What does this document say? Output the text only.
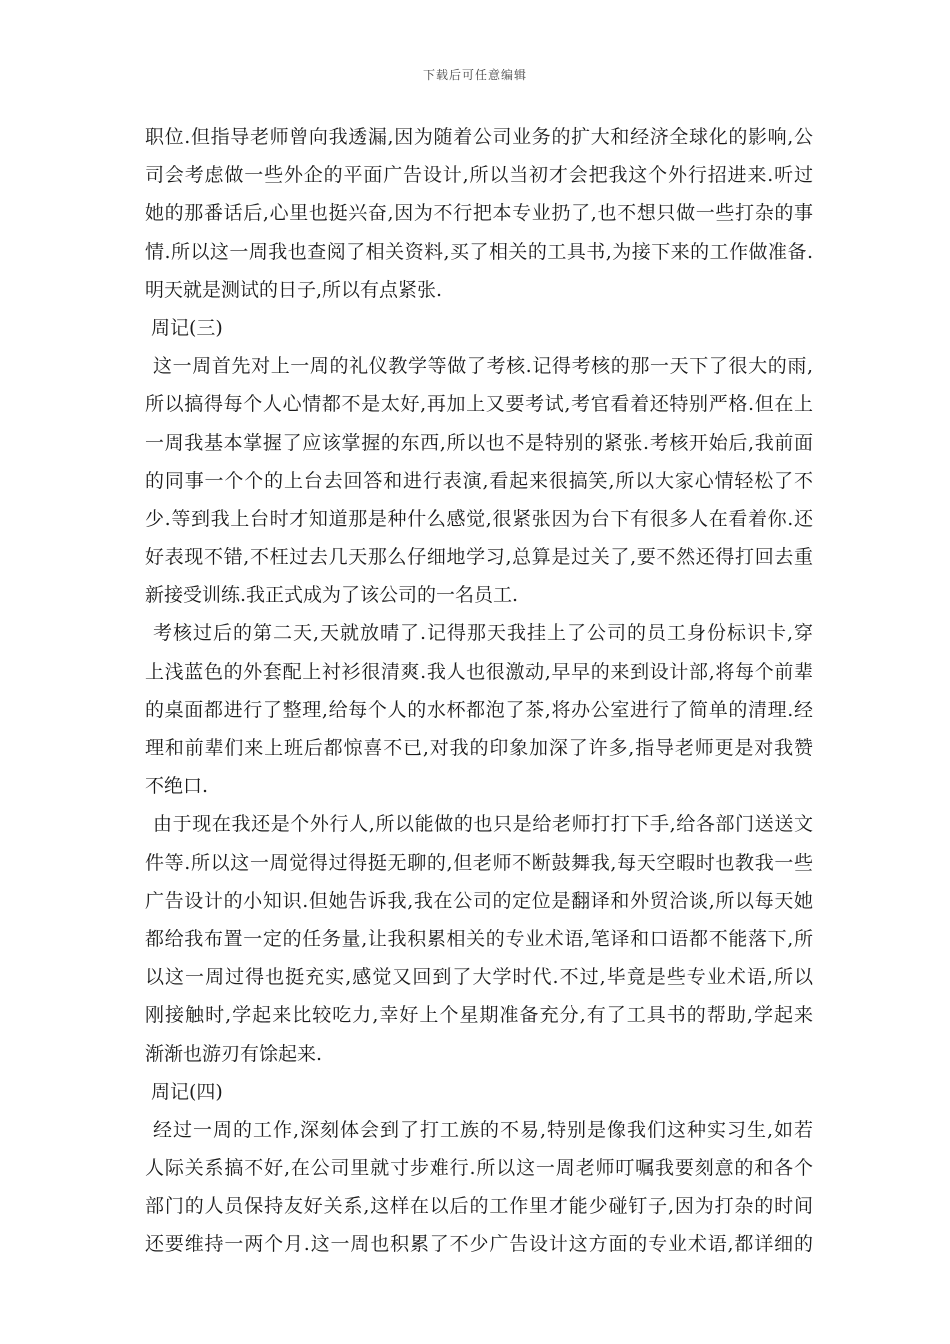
下载后可任意编辑
职位.但指导老师曾向我透漏,因为随着公司业务的扩大和经济全球化的影响,公
司会考虑做一些外企的平面广告设计,所以当初才会把我这个外行招进来.听过
她的那番话后,心里也挺兴奋,因为不行把本专业扔了,也不想只做一些打杂的事
情.所以这一周我也查阅了相关资料,买了相关的工具书,为接下来的工作做准备.
明天就是测试的日子,所以有点紧张.
周记(三)
这一周首先对上一周的礼仪教学等做了考核.记得考核的那一天下了很大的雨,
所以搞得每个人心情都不是太好,再加上又要考试,考官看着还特别严格.但在上
一周我基本掌握了应该掌握的东西,所以也不是特别的紧张.考核开始后,我前面
的同事一个个的上台去回答和进行表演,看起来很搞笑,所以大家心情轻松了不
少.等到我上台时才知道那是种什么感觉,很紧张因为台下有很多人在看着你.还
好表现不错,不枉过去几天那么仔细地学习,总算是过关了,要不然还得打回去重
新接受训练.我正式成为了该公司的一名员工.
考核过后的第二天,天就放晴了.记得那天我挂上了公司的员工身份标识卡,穿
上浅蓝色的外套配上衬衫很清爽.我人也很激动,早早的来到设计部,将每个前辈
的桌面都进行了整理,给每个人的水杯都泡了茶,将办公室进行了简单的清理.经
理和前辈们来上班后都惊喜不已,对我的印象加深了许多,指导老师更是对我赞
不绝口.
由于现在我还是个外行人,所以能做的也只是给老师打打下手,给各部门送送文
件等.所以这一周觉得过得挺无聊的,但老师不断鼓舞我,每天空暇时也教我一些
广告设计的小知识.但她告诉我,我在公司的定位是翻译和外贸洽谈,所以每天她
都给我布置一定的任务量,让我积累相关的专业术语,笔译和口语都不能落下,所
以这一周过得也挺充实,感觉又回到了大学时代.不过,毕竟是些专业术语,所以
刚接触时,学起来比较吃力,幸好上个星期准备充分,有了工具书的帮助,学起来
渐渐也游刃有馀起来.
周记(四)
经过一周的工作,深刻体会到了打工族的不易,特别是像我们这种实习生,如若
人际关系搞不好,在公司里就寸步难行.所以这一周老师叮嘱我要刻意的和各个
部门的人员保持友好关系,这样在以后的工作里才能少碰钉子,因为打杂的时间
还要维持一两个月.这一周也积累了不少广告设计这方面的专业术语,都详细的
